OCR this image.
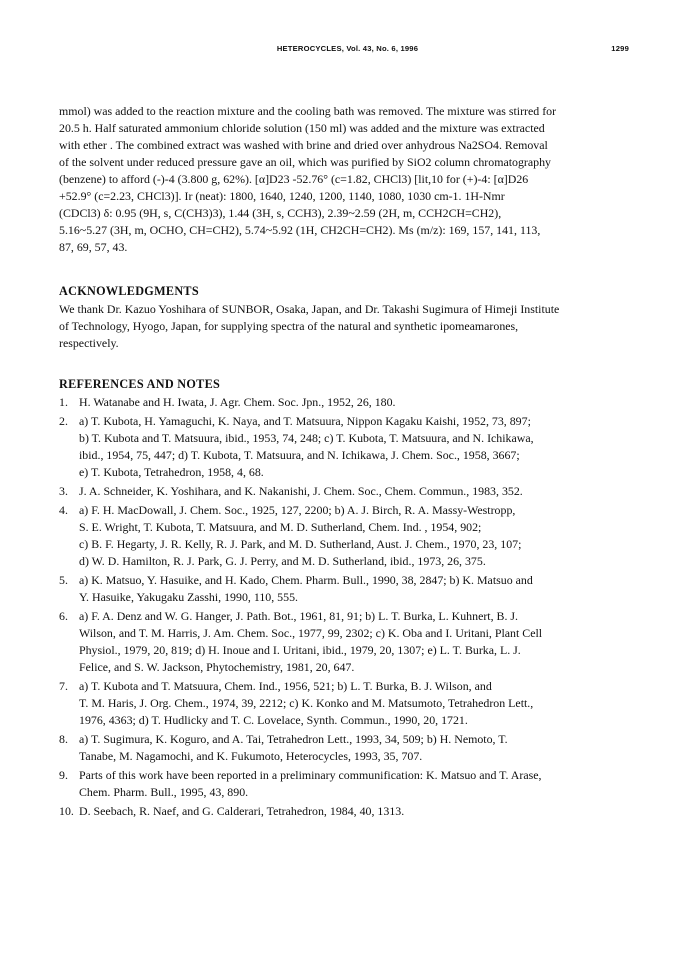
HETEROCYCLES, Vol. 43, No. 6, 1996	1299

mmol) was added to the reaction mixture and the cooling bath was removed. The mixture was stirred for
20.5 h. Half saturated ammonium chloride solution (150 ml) was added and the mixture was extracted
with ether . The combined extract was washed with brine and dried over anhydrous Na2SO4. Removal
of the solvent under reduced pressure gave an oil, which was purified by SiO2 column chromatography
(benzene) to afford (-)-4 (3.800 g, 62%). [α]D23 -52.76° (c=1.82, CHCl3) [lit,10 for (+)-4: [α]D26
+52.9° (c=2.23, CHCl3)]. Ir (neat): 1800, 1640, 1240, 1200, 1140, 1080, 1030 cm-1. 1H-Nmr
(CDCl3) δ: 0.95 (9H, s, C(CH3)3), 1.44 (3H, s, CCH3), 2.39~2.59 (2H, m, CCH2CH=CH2),
5.16~5.27 (3H, m, OCHO, CH=CH2), 5.74~5.92 (1H, CH2CH=CH2). Ms (m/z): 169, 157, 141, 113,
87, 69, 57, 43.

ACKNOWLEDGMENTS

We thank Dr. Kazuo Yoshihara of SUNBOR, Osaka, Japan, and Dr. Takashi Sugimura of Himeji Institute
of Technology, Hyogo, Japan, for supplying spectra of the natural and synthetic ipomeamarones,
respectively.

REFERENCES AND NOTES
1. H. Watanabe and H. Iwata, J. Agr. Chem. Soc. Jpn., 1952, 26, 180.
2. a) T. Kubota, H. Yamaguchi, K. Naya, and T. Matsuura, Nippon Kagaku Kaishi, 1952, 73, 897;
b) T. Kubota and T. Matsuura, ibid., 1953, 74, 248; c) T. Kubota, T. Matsuura, and N. Ichikawa,
ibid., 1954, 75, 447; d) T. Kubota, T. Matsuura, and N. Ichikawa, J. Chem. Soc., 1958, 3667;
e) T. Kubota, Tetrahedron, 1958, 4, 68.
3. J. A. Schneider, K. Yoshihara, and K. Nakanishi, J. Chem. Soc., Chem. Commun., 1983, 352.
4. a) F. H. MacDowall, J. Chem. Soc., 1925, 127, 2200; b) A. J. Birch, R. A. Massy-Westropp,
S. E. Wright, T. Kubota, T. Matsuura, and M. D. Sutherland, Chem. Ind. , 1954, 902;
c) B. F. Hegarty, J. R. Kelly, R. J. Park, and M. D. Sutherland, Aust. J. Chem., 1970, 23, 107;
d) W. D. Hamilton, R. J. Park, G. J. Perry, and M. D. Sutherland, ibid., 1973, 26, 375.
5. a) K. Matsuo, Y. Hasuike, and H. Kado, Chem. Pharm. Bull., 1990, 38, 2847; b) K. Matsuo and
Y. Hasuike, Yakugaku Zasshi, 1990, 110, 555.
6. a) F. A. Denz and W. G. Hanger, J. Path. Bot., 1961, 81, 91; b) L. T. Burka, L. Kuhnert, B. J.
Wilson, and T. M. Harris, J. Am. Chem. Soc., 1977, 99, 2302; c) K. Oba and I. Uritani, Plant Cell
Physiol., 1979, 20, 819; d) H. Inoue and I. Uritani, ibid., 1979, 20, 1307; e) L. T. Burka, L. J.
Felice, and S. W. Jackson, Phytochemistry, 1981, 20, 647.
7. a) T. Kubota and T. Matsuura, Chem. Ind., 1956, 521; b) L. T. Burka, B. J. Wilson, and
T. M. Haris, J. Org. Chem., 1974, 39, 2212; c) K. Konko and M. Matsumoto, Tetrahedron Lett.,
1976, 4363; d) T. Hudlicky and T. C. Lovelace, Synth. Commun., 1990, 20, 1721.
8. a) T. Sugimura, K. Koguro, and A. Tai, Tetrahedron Lett., 1993, 34, 509; b) H. Nemoto, T.
Tanabe, M. Nagamochi, and K. Fukumoto, Heterocycles, 1993, 35, 707.
9. Parts of this work have been reported in a preliminary communification: K. Matsuo and T. Arase,
Chem. Pharm. Bull., 1995, 43, 890.
10. D. Seebach, R. Naef, and G. Calderari, Tetrahedron, 1984, 40, 1313.
